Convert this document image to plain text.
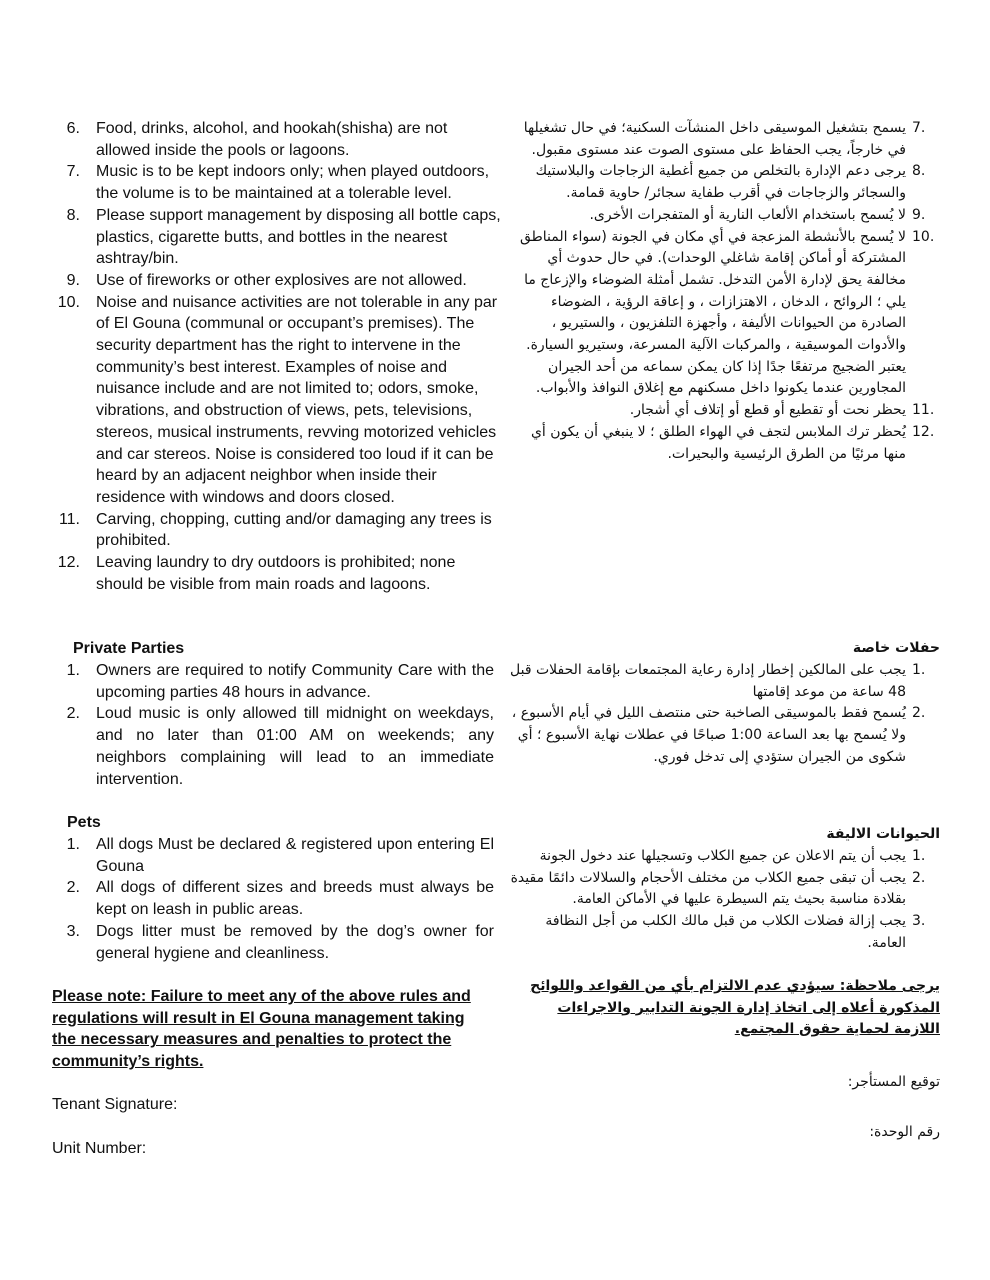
6. Food, drinks, alcohol, and hookah(shisha) are not allowed inside the pools or lagoons.
7. Music is to be kept indoors only; when played outdoors, the volume is to be maintained at a tolerable level.
8. Please support management by disposing all bottle caps, plastics, cigarette butts, and bottles in the nearest ashtray/bin.
9. Use of fireworks or other explosives are not allowed.
10. Noise and nuisance activities are not tolerable in any par of El Gouna (communal or occupant’s premises). The security department has the right to intervene in the community’s best interest. Examples of noise and nuisance include and are not limited to; odors, smoke, vibrations, and obstruction of views, pets, televisions, stereos, musical instruments, revving motorized vehicles and car stereos. Noise is considered too loud if it can be heard by an adjacent neighbor when inside their residence with windows and doors closed.
11. Carving, chopping, cutting and/or damaging any trees is prohibited.
12. Leaving laundry to dry outdoors is prohibited; none should be visible from main roads and lagoons.
Private Parties
1. Owners are required to notify Community Care with the upcoming parties 48 hours in advance.
2. Loud music is only allowed till midnight on weekdays, and no later than 01:00 AM on weekends; any neighbors complaining will lead to an immediate intervention.
Pets
1. All dogs Must be declared & registered upon entering El Gouna
2. All dogs of different sizes and breeds must always be kept on leash in public areas.
3. Dogs litter must be removed by the dog’s owner for general hygiene and cleanliness.
Please note: Failure to meet any of the above rules and regulations will result in El Gouna management taking the necessary measures and penalties to protect the community’s rights.
Tenant Signature:
Unit Number:
7.
يسمح بتشغيل الموسيقى داخل المنشآت السكنية؛ في حال تشغيلها في خارجاً، يجب الحفاظ على مستوى الصوت عند مستوى مقبول.
8.
يرجى دعم الإدارة بالتخلص من جميع أغطية الزجاجات والبلاستيك والسجائر والزجاجات في أقرب طفاية سجائر/ حاوية قمامة.
9.
لا يُسمح باستخدام الألعاب النارية أو المتفجرات الأخرى.
10.
لا يُسمح بالأنشطة المزعجة في أي مكان في الجونة (سواء المناطق المشتركة أو أماكن إقامة شاغلي الوحدات). في حال حدوث أي مخالفة يحق لإدارة الأمن التدخل. تشمل أمثلة الضوضاء والإزعاج ما يلي ؛ الروائح ، الدخان ، الاهتزازات ، و إعاقة الرؤية ، الضوضاء الصادرة من الحيوانات الأليفة ، وأجهزة التلفزيون ، والستيريو ، والأدوات الموسيقية ، والمركبات الآلية المسرعة، وستيريو السيارة. يعتبر الضجيج مرتفعًا جدًا إذا كان يمكن سماعه من أحد الجيران المجاورين عندما يكونوا داخل مسكنهم مع إغلاق النوافذ والأبواب.
11.
يحظر نحت أو تقطيع أو قطع أو إتلاف أي أشجار.
12.
يُحظر ترك الملابس لتجف في الهواء الطلق ؛ لا ينبغي أن يكون أي منها مرئيًا من الطرق الرئيسية والبحيرات.
حفلات خاصة
1.
يجب على المالكين إخطار إدارة رعاية المجتمعات بإقامة الحفلات قبل 48 ساعة من موعد إقامتها
2.
يُسمح فقط بالموسيقى الصاخبة حتى منتصف الليل في أيام الأسبوع ، ولا يُسمح بها بعد الساعة 1:00 صباحًا في عطلات نهاية الأسبوع ؛ أي شكوى من الجيران ستؤدي إلى تدخل فوري.
الحيوانات الاليفة
1.
يجب أن يتم الاعلان عن جميع الكلاب وتسجيلها عند دخول الجونة
2.
يجب أن تبقى جميع الكلاب من مختلف الأحجام والسلالات دائمًا مقيدة بقلادة مناسبة بحيث يتم السيطرة عليها في الأماكن العامة.
3.
يجب إزالة فضلات الكلاب من قبل مالك الكلب من أجل النظافة العامة.
يرجى ملاحظة: سيؤدي عدم الالتزام بأي من القواعد واللوائح المذكورة أعلاه إلى اتخاذ إدارة الجونة التدابير والاجراءات اللازمة لحماية حقوق المجتمع.
توقيع المستأجر:
رقم الوحدة:
